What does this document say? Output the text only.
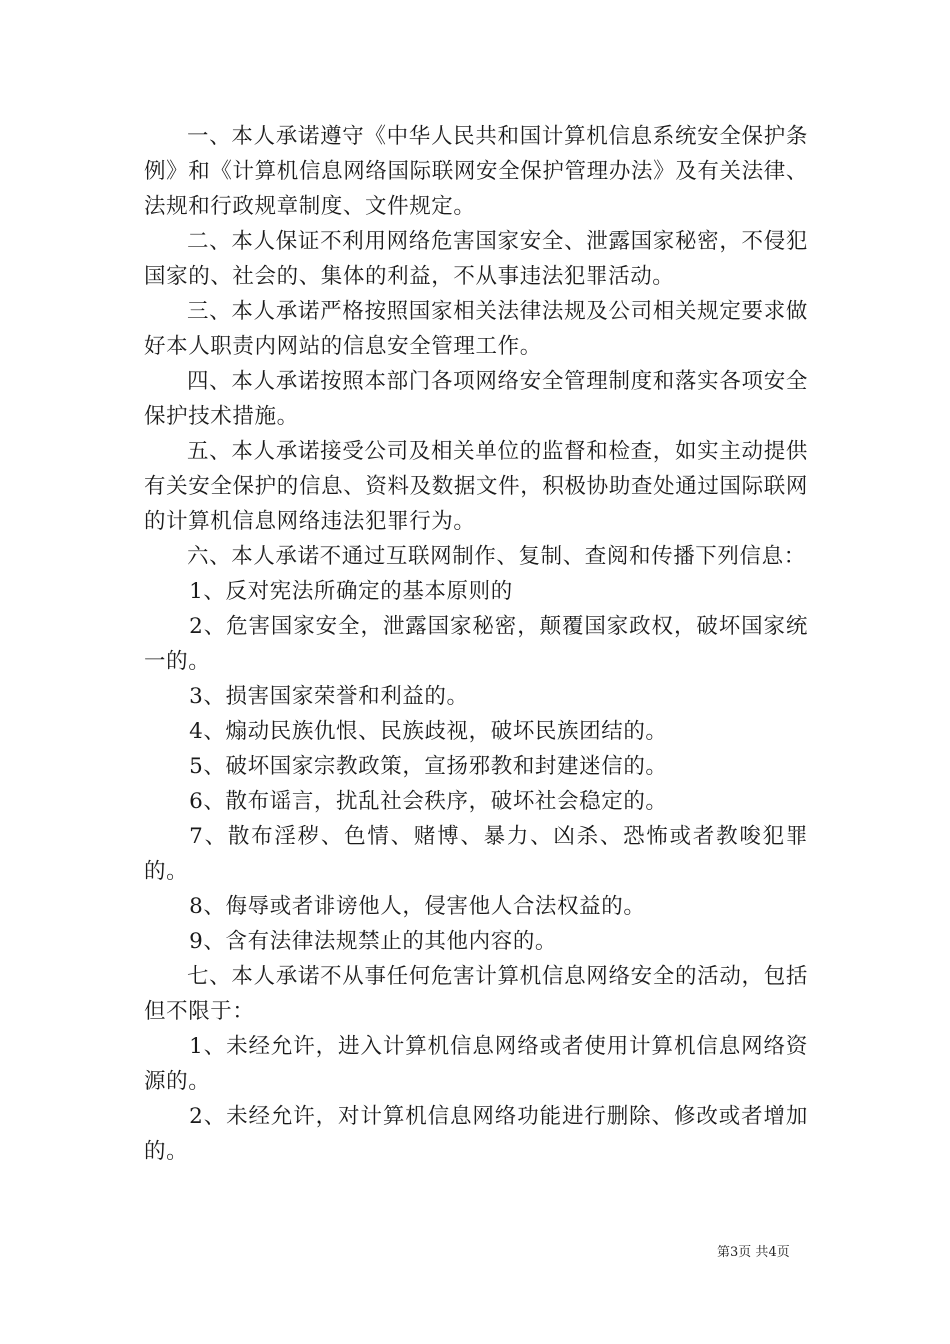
一、本人承诺遵守《中华人民共和国计算机信息系统安全保护条例》和《计算机信息网络国际联网安全保护管理办法》及有关法律、法规和行政规章制度、文件规定。

二、本人保证不利用网络危害国家安全、泄露国家秘密，不侵犯国家的、社会的、集体的利益，不从事违法犯罪活动。

三、本人承诺严格按照国家相关法律法规及公司相关规定要求做好本人职责内网站的信息安全管理工作。

四、本人承诺按照本部门各项网络安全管理制度和落实各项安全保护技术措施。

五、本人承诺接受公司及相关单位的监督和检查，如实主动提供有关安全保护的信息、资料及数据文件，积极协助查处通过国际联网的计算机信息网络违法犯罪行为。

六、本人承诺不通过互联网制作、复制、查阅和传播下列信息：

1、反对宪法所确定的基本原则的

2、危害国家安全，泄露国家秘密，颠覆国家政权，破坏国家统一的。

3、损害国家荣誉和利益的。

4、煽动民族仇恨、民族歧视，破坏民族团结的。

5、破坏国家宗教政策，宣扬邪教和封建迷信的。

6、散布谣言，扰乱社会秩序，破坏社会稳定的。

7、散布淫秽、色情、赌博、暴力、凶杀、恐怖或者教唆犯罪的。

8、侮辱或者诽谤他人，侵害他人合法权益的。

9、含有法律法规禁止的其他内容的。

七、本人承诺不从事任何危害计算机信息网络安全的活动，包括但不限于：

1、未经允许，进入计算机信息网络或者使用计算机信息网络资源的。

2、未经允许，对计算机信息网络功能进行删除、修改或者增加的。

第3页 共4页
